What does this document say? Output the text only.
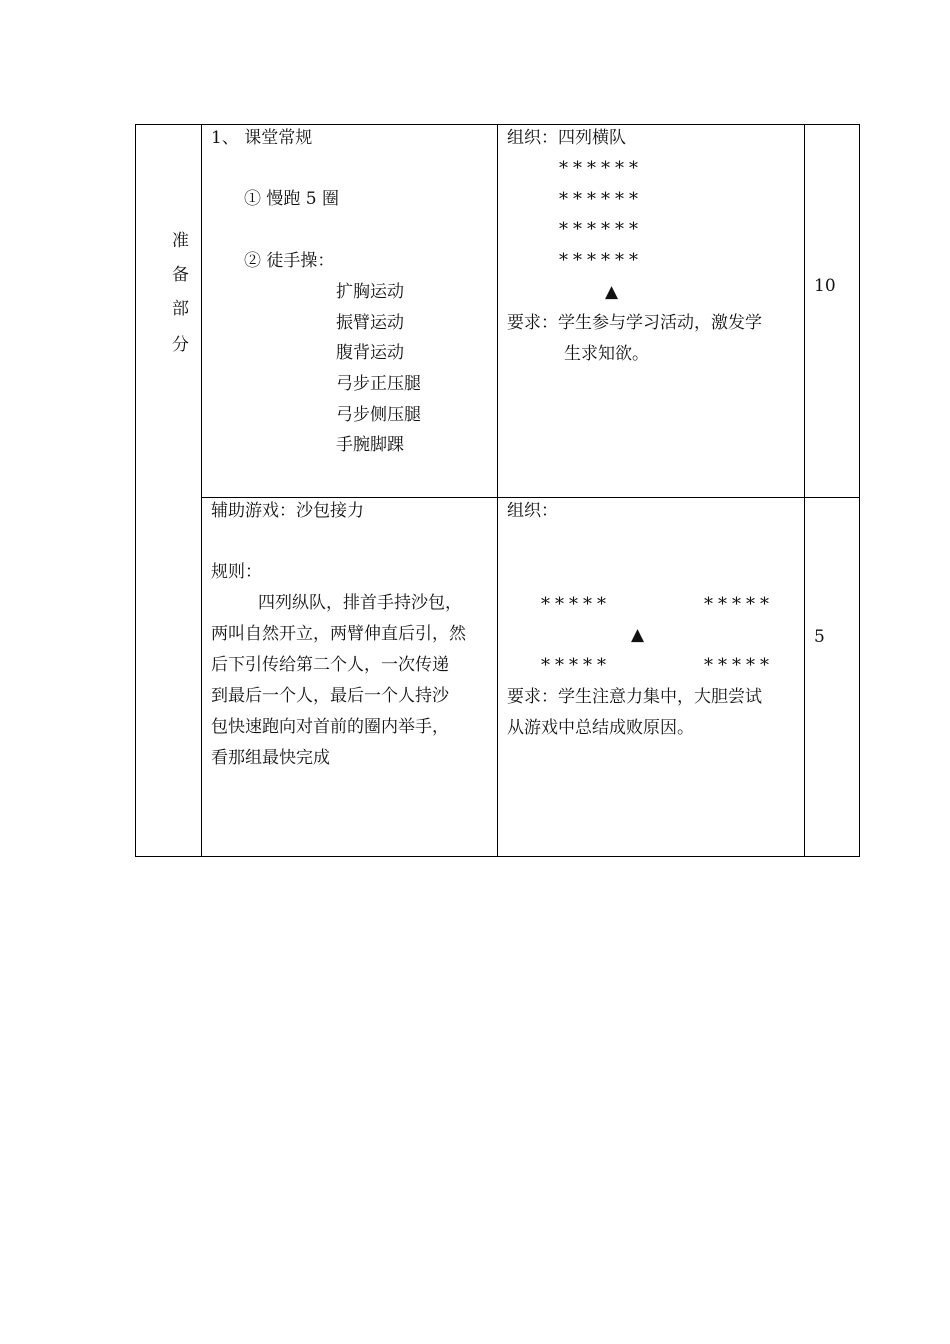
准
备
部
分
1、 课堂常规
① 慢跑 5 圈
② 徒手操：
扩胸运动
振臂运动
腹背运动
弓步正压腿
弓步侧压腿
手腕脚踝
组织：四列横队
******
******
******
******
▲
要求：学生参与学习活动，激发学
生求知欲。
10
辅助游戏：沙包接力
规则：
四列纵队，排首手持沙包，
两叫自然开立，两臂伸直后引，然
后下引传给第二个人，一次传递
到最后一个人，最后一个人持沙
包快速跑向对首前的圈内举手，
看那组最快完成
组织：
*****	*****
▲
*****	*****
要求：学生注意力集中，大胆尝试
从游戏中总结成败原因。
5
